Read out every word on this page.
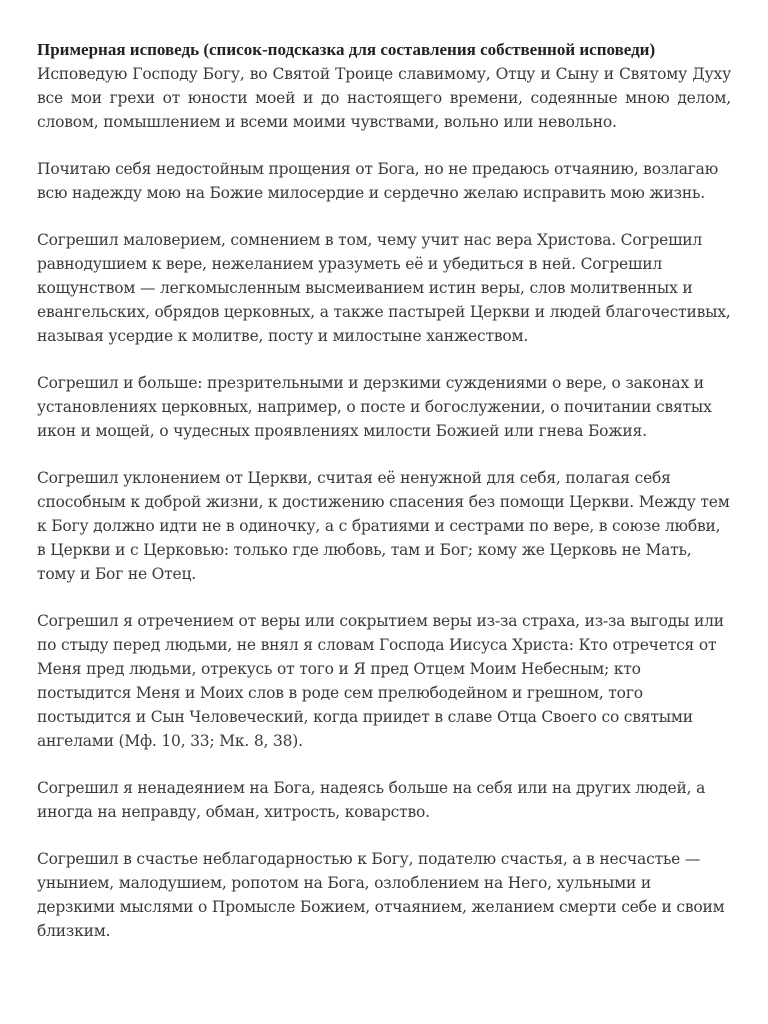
Примерная исповедь (список-подсказка для составления собственной исповеди)

Исповедую Господу Богу, во Святой Троице славимому, Отцу и Сыну и Святому Духу все мои грехи от юности моей и до настоящего времени, содеянные мною делом, словом, помышлением и всеми моими чувствами, вольно или невольно.

Почитаю себя недостойным прощения от Бога, но не предаюсь отчаянию, возлагаю всю надежду мою на Божие милосердие и сердечно желаю исправить мою жизнь.

Согрешил маловерием, сомнением в том, чему учит нас вера Христова. Согрешил равнодушием к вере, нежеланием уразуметь её и убедиться в ней. Согрешил кощунством — легкомысленным высмеиванием истин веры, слов молитвенных и евангельских, обрядов церковных, а также пастырей Церкви и людей благочестивых, называя усердие к молитве, посту и милостыне ханжеством.

Согрешил и больше: презрительными и дерзкими суждениями о вере, о законах и установлениях церковных, например, о посте и богослужении, о почитании святых икон и мощей, о чудесных проявлениях милости Божией или гнева Божия.

Согрешил уклонением от Церкви, считая её ненужной для себя, полагая себя способным к доброй жизни, к достижению спасения без помощи Церкви. Между тем к Богу должно идти не в одиночку, а с братиями и сестрами по вере, в союзе любви, в Церкви и с Церковью: только где любовь, там и Бог; кому же Церковь не Мать, тому и Бог не Отец.

Согрешил я отречением от веры или сокрытием веры из-за страха, из-за выгоды или по стыду перед людьми, не внял я словам Господа Иисуса Христа: Кто отречется от Меня пред людьми, отрекусь от того и Я пред Отцем Моим Небесным; кто постыдится Меня и Моих слов в роде сем прелюбодейном и грешном, того постыдится и Сын Человеческий, когда приидет в славе Отца Своего со святыми ангелами (Мф. 10, 33; Мк. 8, 38).

Согрешил я ненадеянием на Бога, надеясь больше на себя или на других людей, а иногда на неправду, обман, хитрость, коварство.

Согрешил в счастье неблагодарностью к Богу, подателю счастья, а в несчастье — унынием, малодушием, ропотом на Бога, озлоблением на Него, хульными и дерзкими мыслями о Промысле Божием, отчаянием, желанием смерти себе и своим близким.
